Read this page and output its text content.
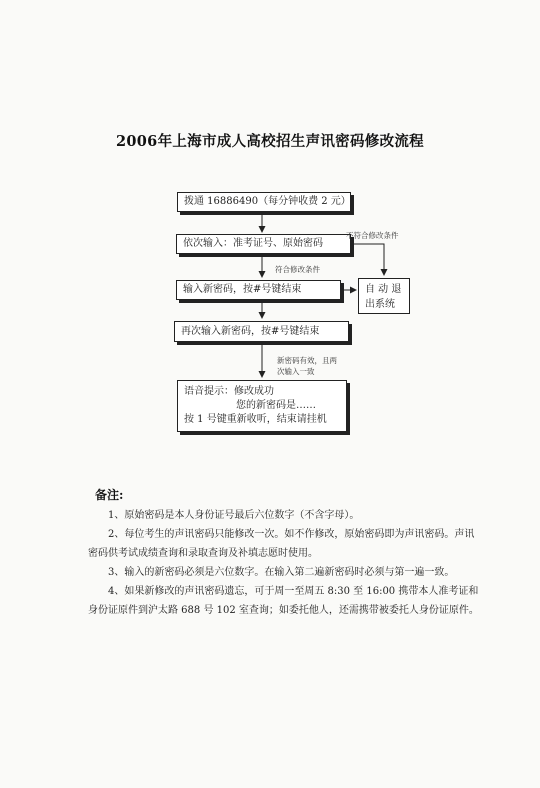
2006年上海市成人高校招生声讯密码修改流程
拨通 16886490（每分钟收费 2 元）
依次输入：准考证号、原始密码
输入新密码，按#号键结束
再次输入新密码，按#号键结束
语音提示：修改成功
您的新密码是……
按 1 号键重新收听，结束请挂机
自 动 退
出系统
不符合修改条件
符合修改条件
新密码有效，且两
次输入一致
备注:

1、原始密码是本人身份证号最后六位数字（不含字母）。

2、每位考生的声讯密码只能修改一次。如不作修改，原始密码即为声讯密码。声讯密码供考试成绩查询和录取查询及补填志愿时使用。

3、输入的新密码必须是六位数字。在输入第二遍新密码时必须与第一遍一致。

4、如果新修改的声讯密码遗忘，可于周一至周五 8:30 至 16:00 携带本人准考证和身份证原件到沪太路 688 号 102 室查询；如委托他人，还需携带被委托人身份证原件。
